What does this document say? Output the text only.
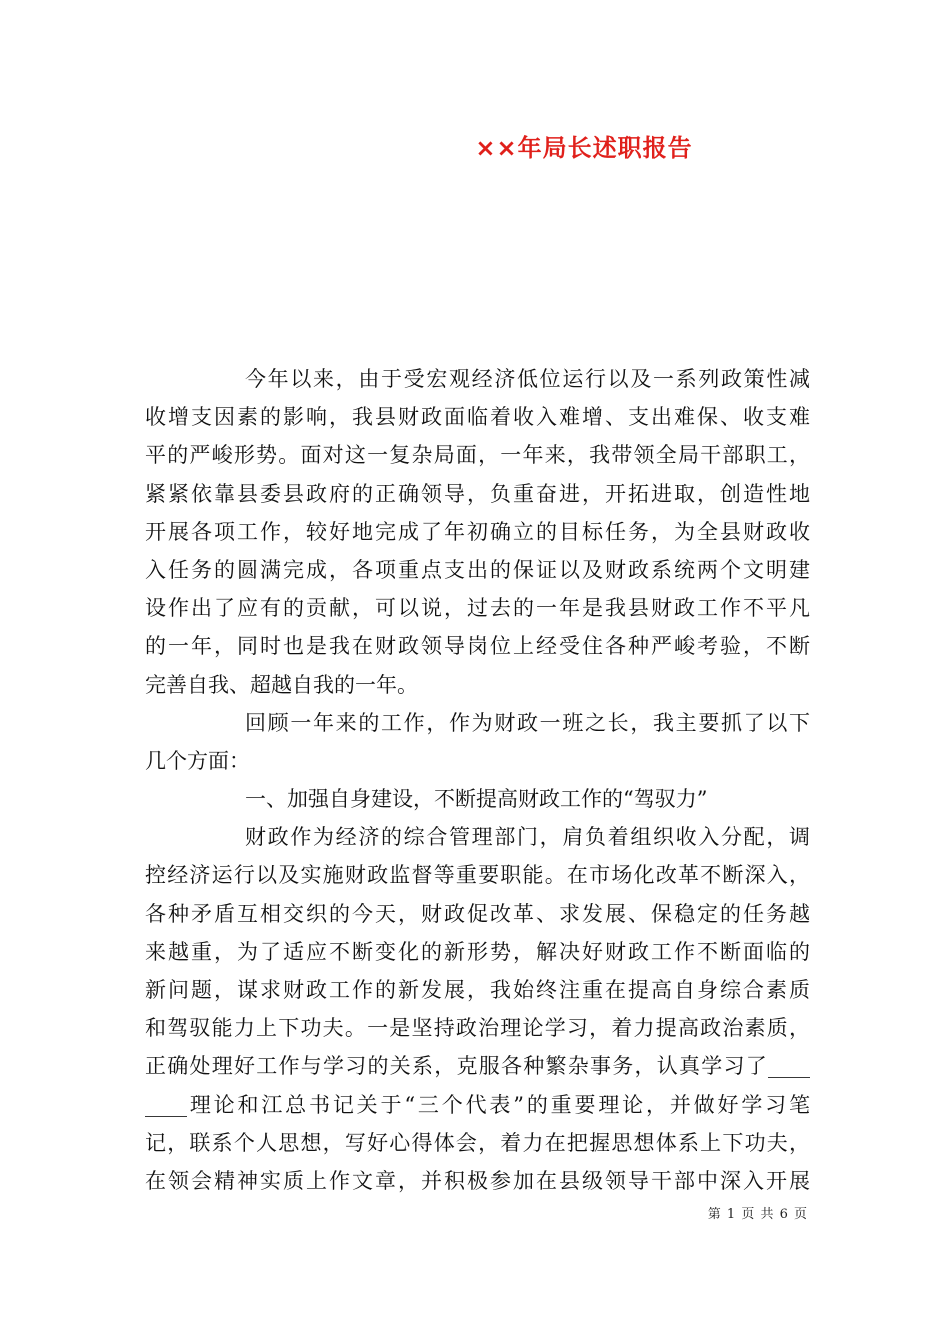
××年局长述职报告
今年以来，由于受宏观经济低位运行以及一系列政策性减
收增支因素的影响，我县财政面临着收入难增、支出难保、收支难
平的严峻形势。面对这一复杂局面，一年来，我带领全局干部职工，
紧紧依靠县委县政府的正确领导，负重奋进，开拓进取，创造性地
开展各项工作，较好地完成了年初确立的目标任务，为全县财政收
入任务的圆满完成，各项重点支出的保证以及财政系统两个文明建
设作出了应有的贡献，可以说，过去的一年是我县财政工作不平凡
的一年，同时也是我在财政领导岗位上经受住各种严峻考验，不断
完善自我、超越自我的一年。
回顾一年来的工作，作为财政一班之长，我主要抓了以下
几个方面：
一、加强自身建设，不断提高财政工作的“驾驭力”
财政作为经济的综合管理部门，肩负着组织收入分配，调
控经济运行以及实施财政监督等重要职能。在市场化改革不断深入，
各种矛盾互相交织的今天，财政促改革、求发展、保稳定的任务越
来越重，为了适应不断变化的新形势，解决好财政工作不断面临的
新问题，谋求财政工作的新发展，我始终注重在提高自身综合素质
和驾驭能力上下功夫。一是坚持政治理论学习，着力提高政治素质，
正确处理好工作与学习的关系，克服各种繁杂事务，认真学习了____
____理论和江总书记关于“三个代表”的重要理论，并做好学习笔
记，联系个人思想，写好心得体会，着力在把握思想体系上下功夫，
在领会精神实质上作文章，并积极参加在县级领导干部中深入开展
第 1 页 共 6 页
